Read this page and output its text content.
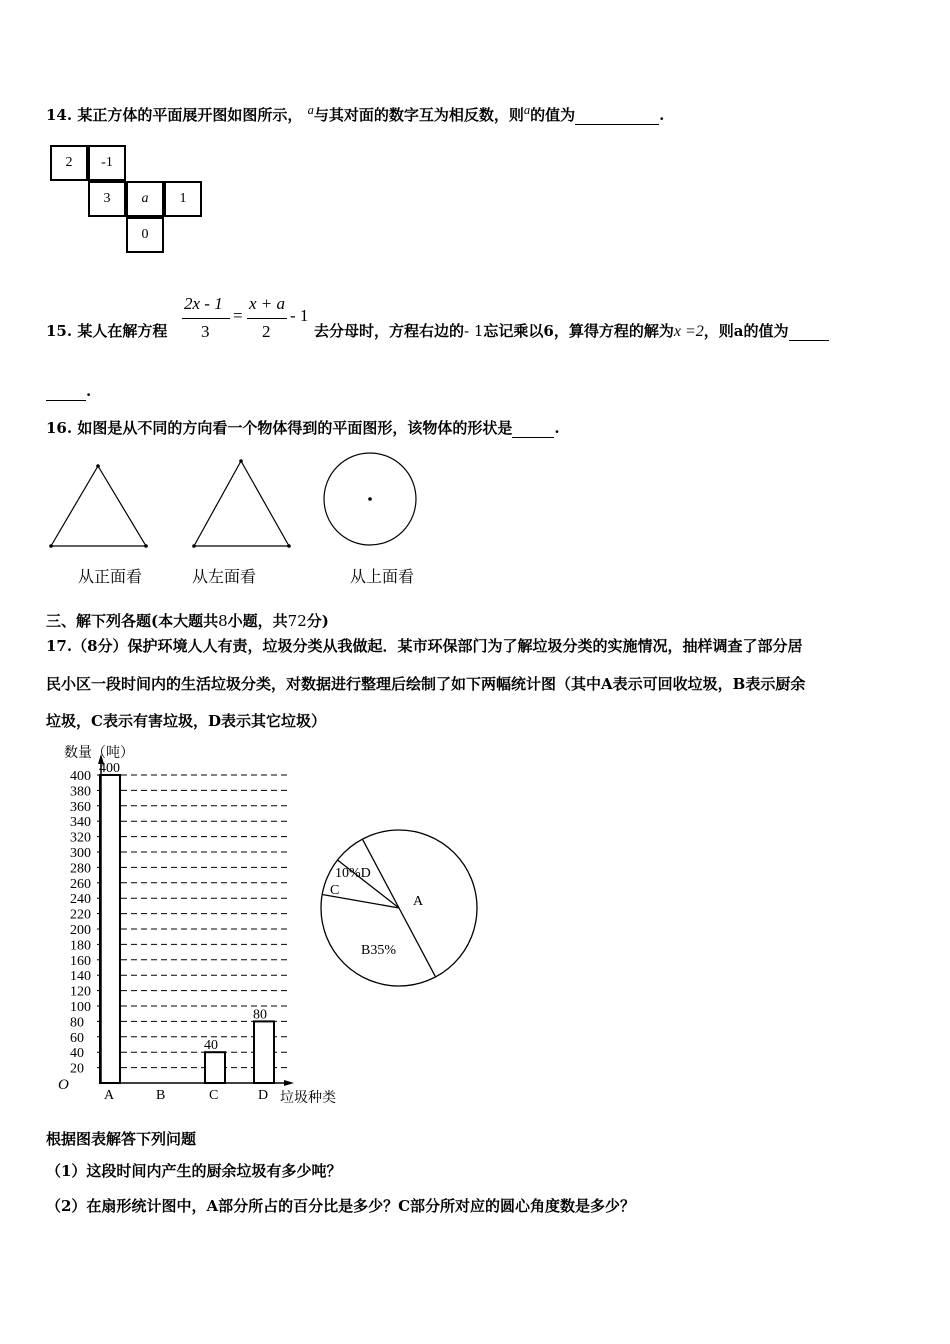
14. 某正方体的平面展开图如图所示， $^a$与其对面的数字互为相反数，则$^a$的值为	.
2	-1
3	a	1
0
15. 某人在解方程
2x - 1
3
=
x + a
2
- 1
去分母时，方程右边的- 1忘记乘以6，算得方程的解为x =2，则a的值为
.
16. 如图是从不同的方向看一个物体得到的平面图形，该物体的形状是	.
从正面看	从左面看	从上面看
三、解下列各题(本大题共8小题，共72分)
17.（8分）保护环境人人有责，垃圾分类从我做起．某市环保部门为了解垃圾分类的实施情况，抽样调查了部分居
民小区一段时间内的生活垃圾分类，对数据进行整理后绘制了如下两幅统计图（其中A表示可回收垃圾，B表示厨余
垃圾，C表示有害垃圾，D表示其它垃圾）
20
40
60
80
100
120
140
160
180
200
220
240
260
280
300
320
340
360
380
400
400
A	B
40
C
80
D
数量（吨）
垃圾种类
O
A
B35%
C
10%D
根据图表解答下列问题
（1）这段时间内产生的厨余垃圾有多少吨？
（2）在扇形统计图中，A部分所占的百分比是多少？C部分所对应的圆心角度数是多少？
